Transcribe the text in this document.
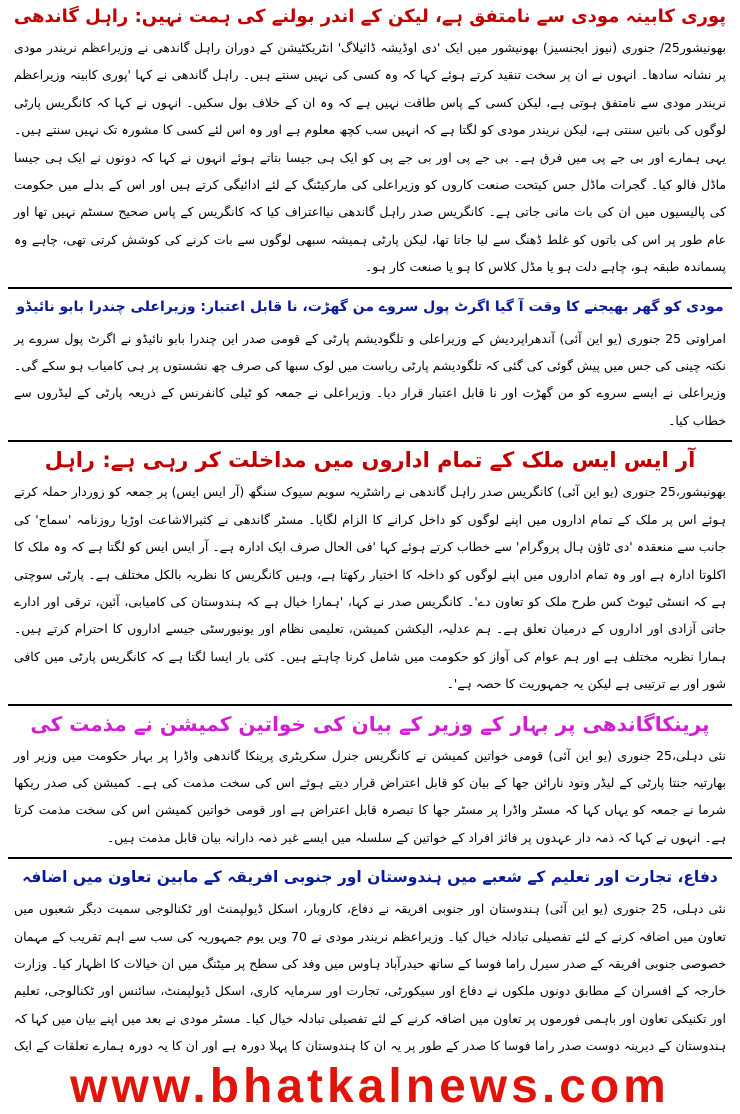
پوری کابینہ مودی سے نامتفق ہے، لیکن کے اندر بولنے کی ہمت نہیں: راہل گاندھی

بھونیشور25/ جنوری (نیوز ایجنسیز) بھونیشور میں ایک 'دی اوڈیشہ ڈائیلاگ' انٹریکٹیشن کے دوران راہل گاندھی نے وزیراعظم نریندر مودی پر نشانہ سادھا۔ انہوں نے ان پر سخت تنقید کرتے ہوئے کہا کہ وہ کسی کی نہیں سنتے ہیں۔ راہل گاندھی نے کہا 'پوری کابینہ وزیراعظم نریندر مودی سے نامتفق ہوتی ہے، لیکن کسی کے پاس طاقت نہیں ہے کہ وہ ان کے خلاف بول سکیں۔ انہوں نے کہا کہ کانگریس پارٹی لوگوں کی باتیں سنتی ہے، لیکن نریندر مودی کو لگتا ہے کہ انہیں سب کچھ معلوم ہے اور وہ اس لئے کسی کا مشورہ تک نہیں سنتے ہیں۔ یہی ہمارے اور بی جے پی میں فرق ہے۔ بی جے پی اور بی جے پی کو ایک ہی جیسا بتاتے ہوئے انہوں نے کہا کہ دونوں نے ایک ہی جیسا ماڈل فالو کیا۔ گجرات ماڈل جس کیتحت صنعت کاروں کو وزیراعلی کی مارکیٹنگ کے لئے ادائیگی کرتے ہیں اور اس کے بدلے میں حکومت کی پالیسیوں میں ان کی بات مانی جاتی ہے۔ کانگریس صدر راہل گاندھی نیااعتراف کیا کہ کانگریس کے پاس صحیح سسٹم نہیں تھا اور عام طور پر اس کی باتوں کو غلط ڈھنگ سے لیا جاتا تھا، لیکن پارٹی ہمیشہ سبھی لوگوں سے بات کرنے کی کوشش کرتی تھی، چاہے وہ پسماندہ طبقہ ہو، چاہے دلت ہو یا مڈل کلاس کا ہو یا صنعت کار ہو۔

مودی کو گھر بھیجنے کا وقت آ گیا اگرٹ پول سروے من گھڑت، نا قابل اعتبار: وزیراعلی چندرا بابو نائیڈو

امراوتی 25 جنوری (یو این آئی) آندھراپردیش کے وزیراعلی و تلگودیشم پارٹی کے قومی صدر این چندرا بابو نائیڈو نے اگرٹ پول سروے پر نکتہ چینی کی جس میں پیش گوئی کی گئی کہ تلگودیشم پارٹی ریاست میں لوک سبھا کی صرف چھ نشستوں پر ہی کامیاب ہو سکے گی۔ وزیراعلی نے ایسے سروے کو من گھڑت اور نا قابل اعتبار قرار دیا۔ وزیراعلی نے جمعہ کو ٹیلی کانفرنس کے ذریعہ پارٹی کے لیڈروں سے خطاب کیا۔

آر ایس ایس ملک کے تمام اداروں میں مداخلت کر رہی ہے: راہل

بھونیشور،25 جنوری (یو این آئی) کانگریس صدر راہل گاندھی نے راشٹریہ سویم سیوک سنگھ (آر ایس ایس) پر جمعہ کو زوردار حملہ کرتے ہوئے اس پر ملک کے تمام اداروں میں اپنے لوگوں کو داخل کرانے کا الزام لگایا۔ مسٹر گاندھی نے کثیرالاشاعت اوڑیا روزنامہ 'سماج' کی جانب سے منعقدہ 'دی ٹاؤن ہال پروگرام' سے خطاب کرتے ہوئے کہا 'فی الحال صرف ایک ادارہ ہے۔ آر ایس ایس کو لگتا ہے کہ وہ ملک کا اکلوتا ادارہ ہے اور وہ تمام اداروں میں اپنے لوگوں کو داخلہ کا اختیار رکھتا ہے، وہیں کانگریس کا نظریہ بالکل مختلف ہے۔ پارٹی سوچتی ہے کہ انسٹی ٹیوٹ کس طرح ملک کو تعاون دے'۔ کانگریس صدر نے کہا، 'ہمارا خیال ہے کہ ہندوستان کی کامیابی، آئین، ترقی اور ادارے جاتی آزادی اور اداروں کے درمیان تعلق ہے۔ ہم عدلیہ، الیکشن کمیشن، تعلیمی نظام اور یونیورسٹی جیسے اداروں کا احترام کرتے ہیں۔ ہمارا نظریہ مختلف ہے اور ہم عوام کی آواز کو حکومت میں شامل کرنا چاہتے ہیں۔ کئی بار ایسا لگتا ہے کہ کانگریس پارٹی میں کافی شور اور بے ترتیبی ہے لیکن یہ جمہوریت کا حصہ ہے'۔

پرینکاگاندھی پر بہار کے وزیر کے بیان کی خواتین کمیشن نے مذمت کی

نئی دہلی،25 جنوری (یو این آئی) قومی خواتین کمیشن نے کانگریس جنرل سکریٹری پرینکا گاندھی واڈرا پر بہار حکومت میں وزیر اور بھارتیہ جنتا پارٹی کے لیڈر ونود نارائن جھا کے بیان کو قابل اعتراض قرار دیتے ہوئے اس کی سخت مذمت کی ہے۔ کمیشن کی صدر ریکھا شرما نے جمعہ کو یہاں کہا کہ مسٹر واڈرا پر مسٹر جھا کا تبصرہ قابل اعتراض ہے اور قومی خواتین کمیشن اس کی سخت مذمت کرتا ہے۔ انہوں نے کہا کہ ذمہ دار عہدوں پر فائز افراد کے خواتین کے سلسلہ میں ایسے غیر ذمہ دارانہ بیان قابل مذمت ہیں۔

دفاع، تجارت اور تعلیم کے شعبے میں ہندوستان اور جنوبی افریقہ کے مابین تعاون میں اضافہ

نئی دہلی، 25 جنوری (یو این آئی) ہندوستان اور جنوبی افریقہ نے دفاع، کاروبار، اسکل ڈیولپمنٹ اور ٹکنالوجی سمیت دیگر شعبوں میں تعاون میں اضافہ کرنے کے لئے تفصیلی تبادلہ خیال کیا۔ وزیراعظم نریندر مودی نے 70 ویں یوم جمہوریہ کی سب سے اہم تقریب کے مہمان خصوصی جنوبی افریقہ کے صدر سیرل راما فوسا کے ساتھ حیدرآباد ہاوس میں وفد کی سطح پر میٹنگ میں ان خیالات کا اظہار کیا۔ وزارت خارجہ کے افسران کے مطابق دونوں ملکوں نے دفاع اور سیکورٹی، تجارت اور سرمایہ کاری، اسکل ڈیولپمنٹ، سائنس اور ٹکنالوجی، تعلیم اور تکنیکی تعاون اور باہمی فورموں پر تعاون میں اضافہ کرنے کے لئے تفصیلی تبادلہ خیال کیا۔ مسٹر مودی نے بعد میں اپنے بیان میں کہا کہ ہندوستان کے دیرینہ دوست صدر راما فوسا کا صدر کے طور پر یہ ان کا ہندوستان کا پہلا دورہ ہے اور ان کا یہ دورہ ہمارے تعلقات کے ایک

www.bhatkalnews.com
